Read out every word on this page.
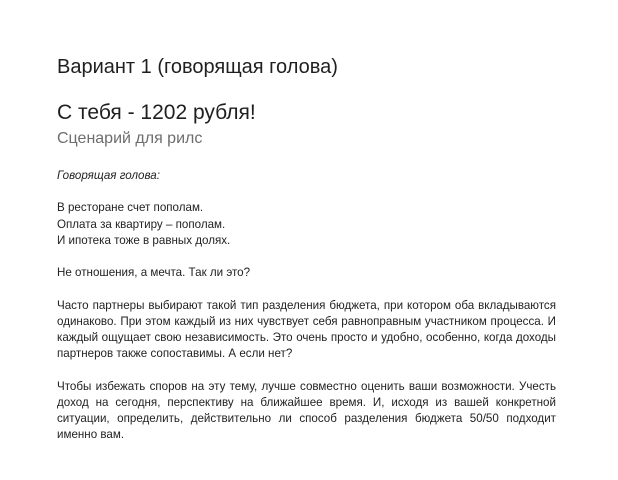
Вариант 1 (говорящая голова)
С тебя - 1202 рубля!
Сценарий для рилс

Говорящая голова:

В ресторане счет пополам.
Оплата за квартиру – пополам.
И ипотека тоже в равных долях.

Не отношения, а мечта. Так ли это?

Часто партнеры выбирают такой тип разделения бюджета, при котором оба вкладываются одинаково. При этом каждый из них чувствует себя равноправным участником процесса. И каждый ощущает свою независимость. Это очень просто и удобно, особенно, когда доходы партнеров также сопоставимы. А если нет?

Чтобы избежать споров на эту тему, лучше совместно оценить ваши возможности. Учесть доход на сегодня, перспективу на ближайшее время. И, исходя из вашей конкретной ситуации, определить, действительно ли способ разделения бюджета 50/50 подходит именно вам.
